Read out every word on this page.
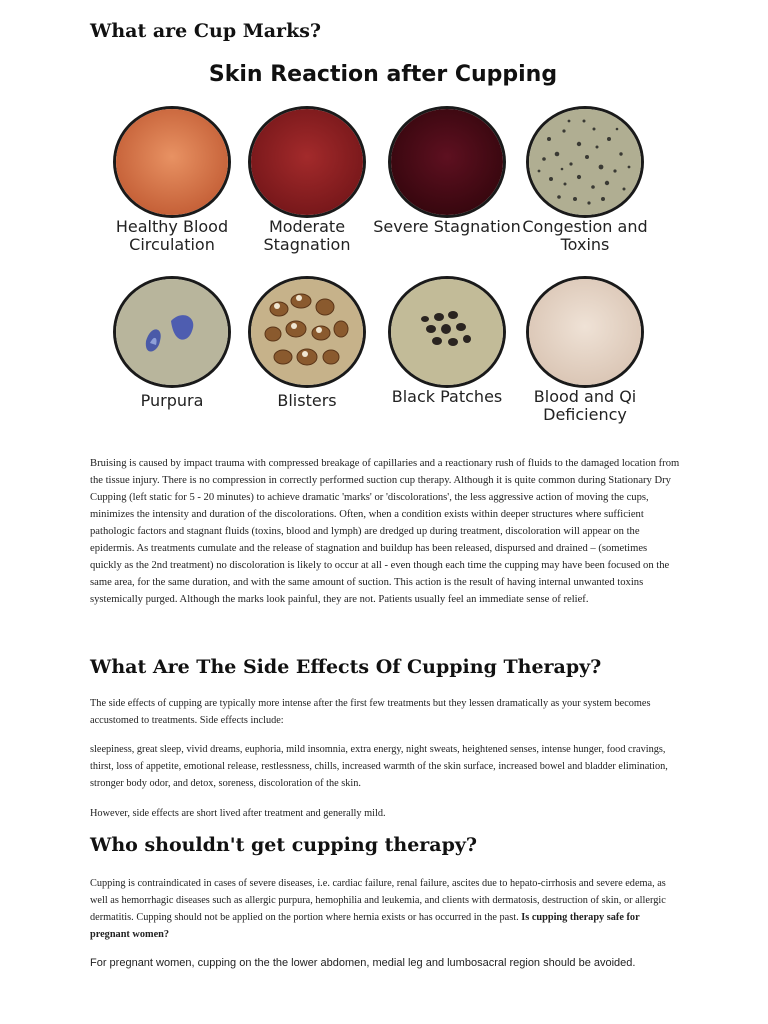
What are Cup Marks?
Skin Reaction after Cupping
Healthy Blood Circulation
Moderate Stagnation
Severe Stagnation Congestion and Toxins
Purpura	Blisters	Black Patches	Blood and Qi Deficiency

Bruising is caused by impact trauma with compressed breakage of capillaries and a reactionary rush of fluids to the damaged location from the tissue injury. There is no compression in correctly performed suction cup therapy. Although it is quite common during Stationary Dry Cupping (left static for 5 - 20 minutes) to achieve dramatic 'marks' or 'discolorations', the less aggressive action of moving the cups, minimizes the intensity and duration of the discolorations. Often, when a condition exists within deeper structures where sufficient pathologic factors and stagnant fluids (toxins, blood and lymph) are dredged up during treatment, discoloration will appear on the epidermis. As treatments cumulate and the release of stagnation and buildup has been released, dispursed and drained – (sometimes quickly as the 2nd treatment) no discoloration is likely to occur at all - even though each time the cupping may have been focused on the same area, for the same duration, and with the same amount of suction. This action is the result of having internal unwanted toxins systemically purged. Although the marks look painful, they are not. Patients usually feel an immediate sense of relief.

What Are The Side Effects Of Cupping Therapy?

The side effects of cupping are typically more intense after the first few treatments but they lessen dramatically as your system becomes accustomed to treatments. Side effects include:

sleepiness, great sleep, vivid dreams, euphoria, mild insomnia, extra energy, night sweats, heightened senses, intense hunger, food cravings, thirst, loss of appetite, emotional release, restlessness, chills, increased warmth of the skin surface, increased bowel and bladder elimination, stronger body odor, and detox, soreness, discoloration of the skin.

However, side effects are short lived after treatment and generally mild.

Who shouldn't get cupping therapy?

Cupping is contraindicated in cases of severe diseases, i.e. cardiac failure, renal failure, ascites due to hepato-cirrhosis and severe edema, as well as hemorrhagic diseases such as allergic purpura, hemophilia and leukemia, and clients with dermatosis, destruction of skin, or allergic dermatitis. Cupping should not be applied on the portion where hernia exists or has occurred in the past. Is cupping therapy safe for pregnant women?

For pregnant women, cupping on the the lower abdomen, medial leg and lumbosacral region should be avoided.
